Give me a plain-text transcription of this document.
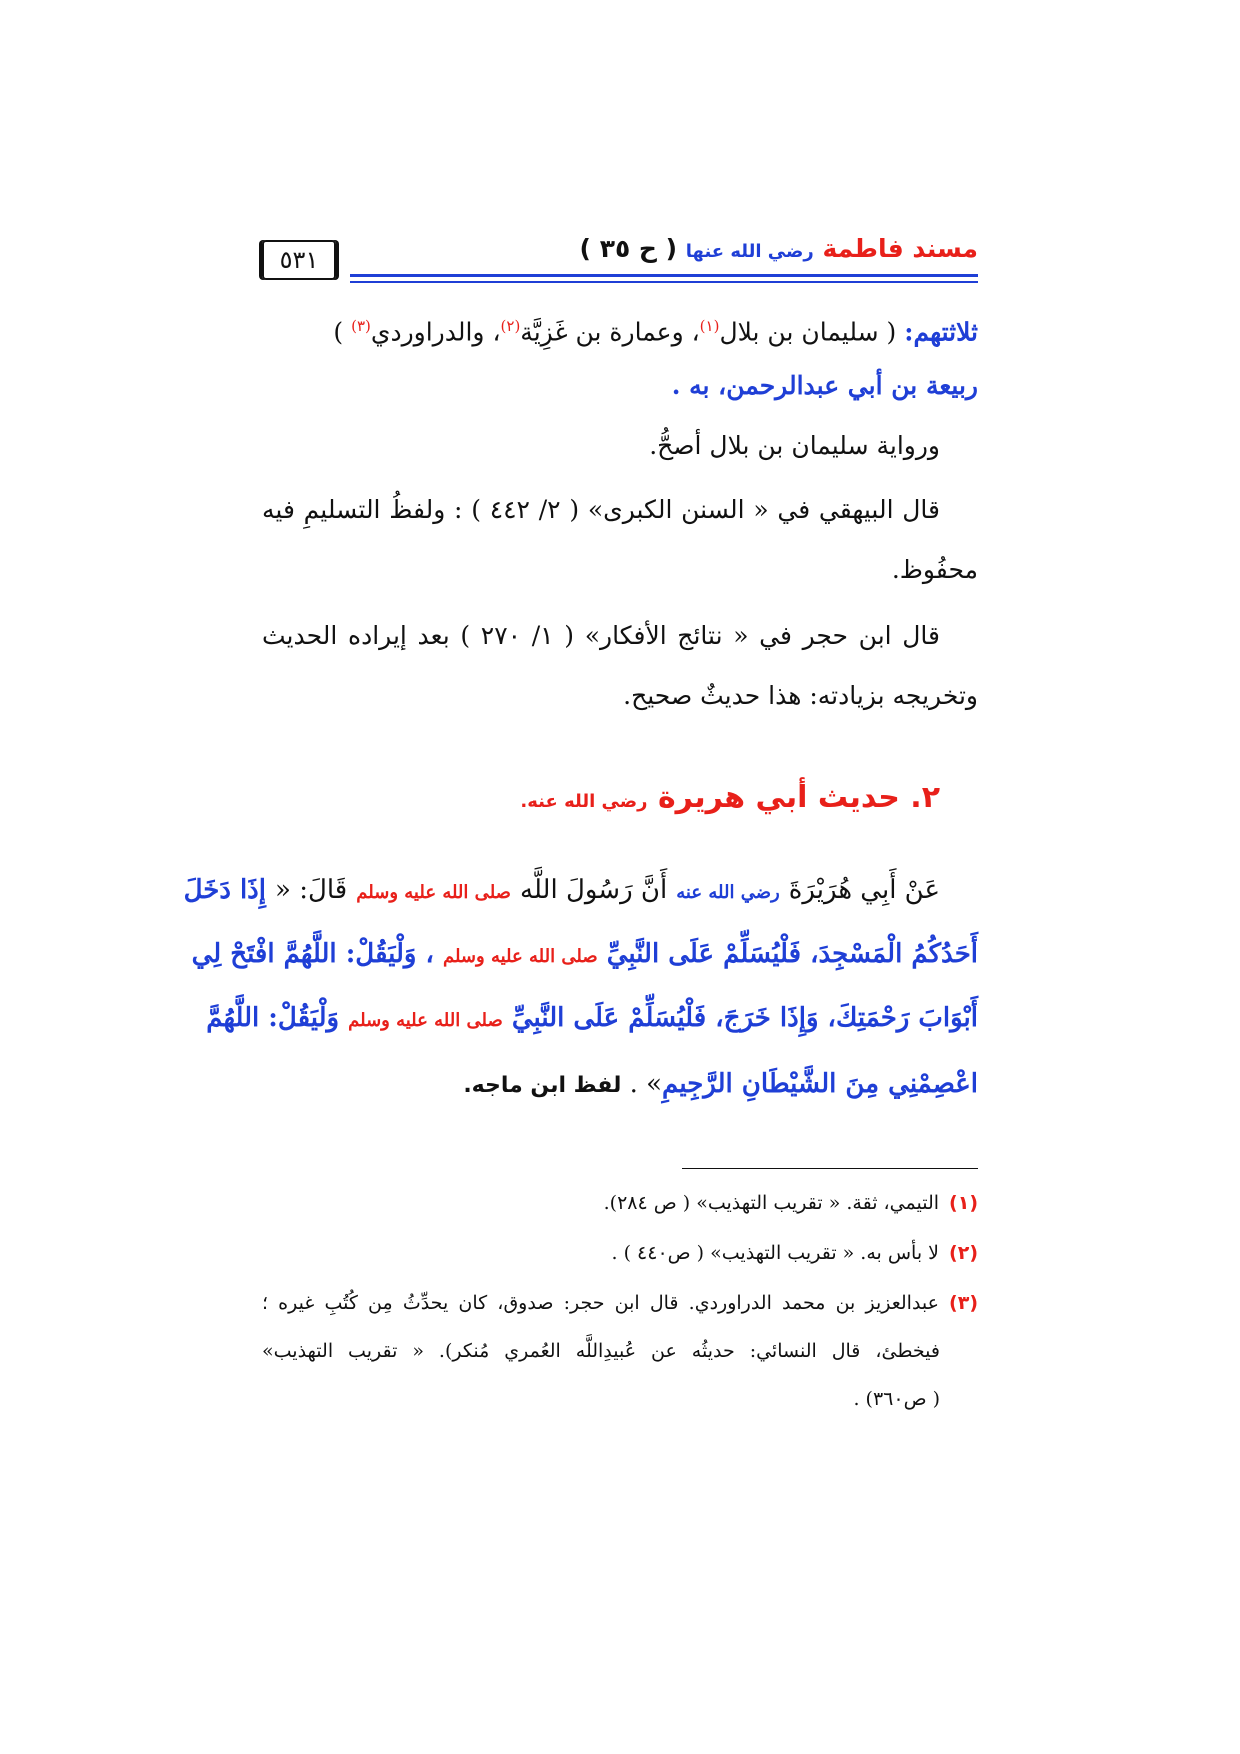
٥٣١	مسند فاطمة رضي الله عنها ( ح ٣٥ )
ثلاثتهم: ( سليمان بن بلال$^{(١)}$، وعمارة بن غَزِيَّة$^{(٢)}$، والدراوردي$^{(٣)}$ )
ربيعة بن أبي عبدالرحمن، به .
ورواية سليمان بن بلال أصحُّ.
قال البيهقي في « السنن الكبرى» ( ٢/ ٤٤٢ ) : ولفظُ التسليمِ فيه
محفُوظ.
قال ابن حجر في « نتائج الأفكار» ( ١/ ٢٧٠ ) بعد إيراده الحديث
وتخريجه بزيادته: هذا حديثٌ صحيح.
٢. حديث أبي هريرة رضي الله عنه.
عَنْ أَبِي هُرَيْرَةَ رضي الله عنه أَنَّ رَسُولَ اللَّه صلى الله عليه وسلم قَالَ: « إِذَا دَخَلَ
أَحَدُكُمُ الْمَسْجِدَ، فَلْيُسَلِّمْ عَلَى النَّبِيِّ صلى الله عليه وسلم ، وَلْيَقُلْ: اللَّهُمَّ افْتَحْ لِي
أَبْوَابَ رَحْمَتِكَ، وَإِذَا خَرَجَ، فَلْيُسَلِّمْ عَلَى النَّبِيِّ صلى الله عليه وسلم وَلْيَقُلْ: اللَّهُمَّ
اعْصِمْنِي مِنَ الشَّيْطَانِ الرَّجِيمِ» . لفظ ابن ماجه.
(١)التيمي، ثقة. « تقريب التهذيب» ( ص ٢٨٤).
(٢)لا بأس به. « تقريب التهذيب» ( ص٤٤٠ ) .
(٣)عبدالعزيز بن محمد الدراوردي. قال ابن حجر: صدوق، كان يحدِّثُ مِن كُتُبِ غيره ؛
فيخطئ، قال النسائي: حديثُه عن عُبيدِاللَّه العُمري مُنكر). « تقريب التهذيب»
( ص٣٦٠) .
